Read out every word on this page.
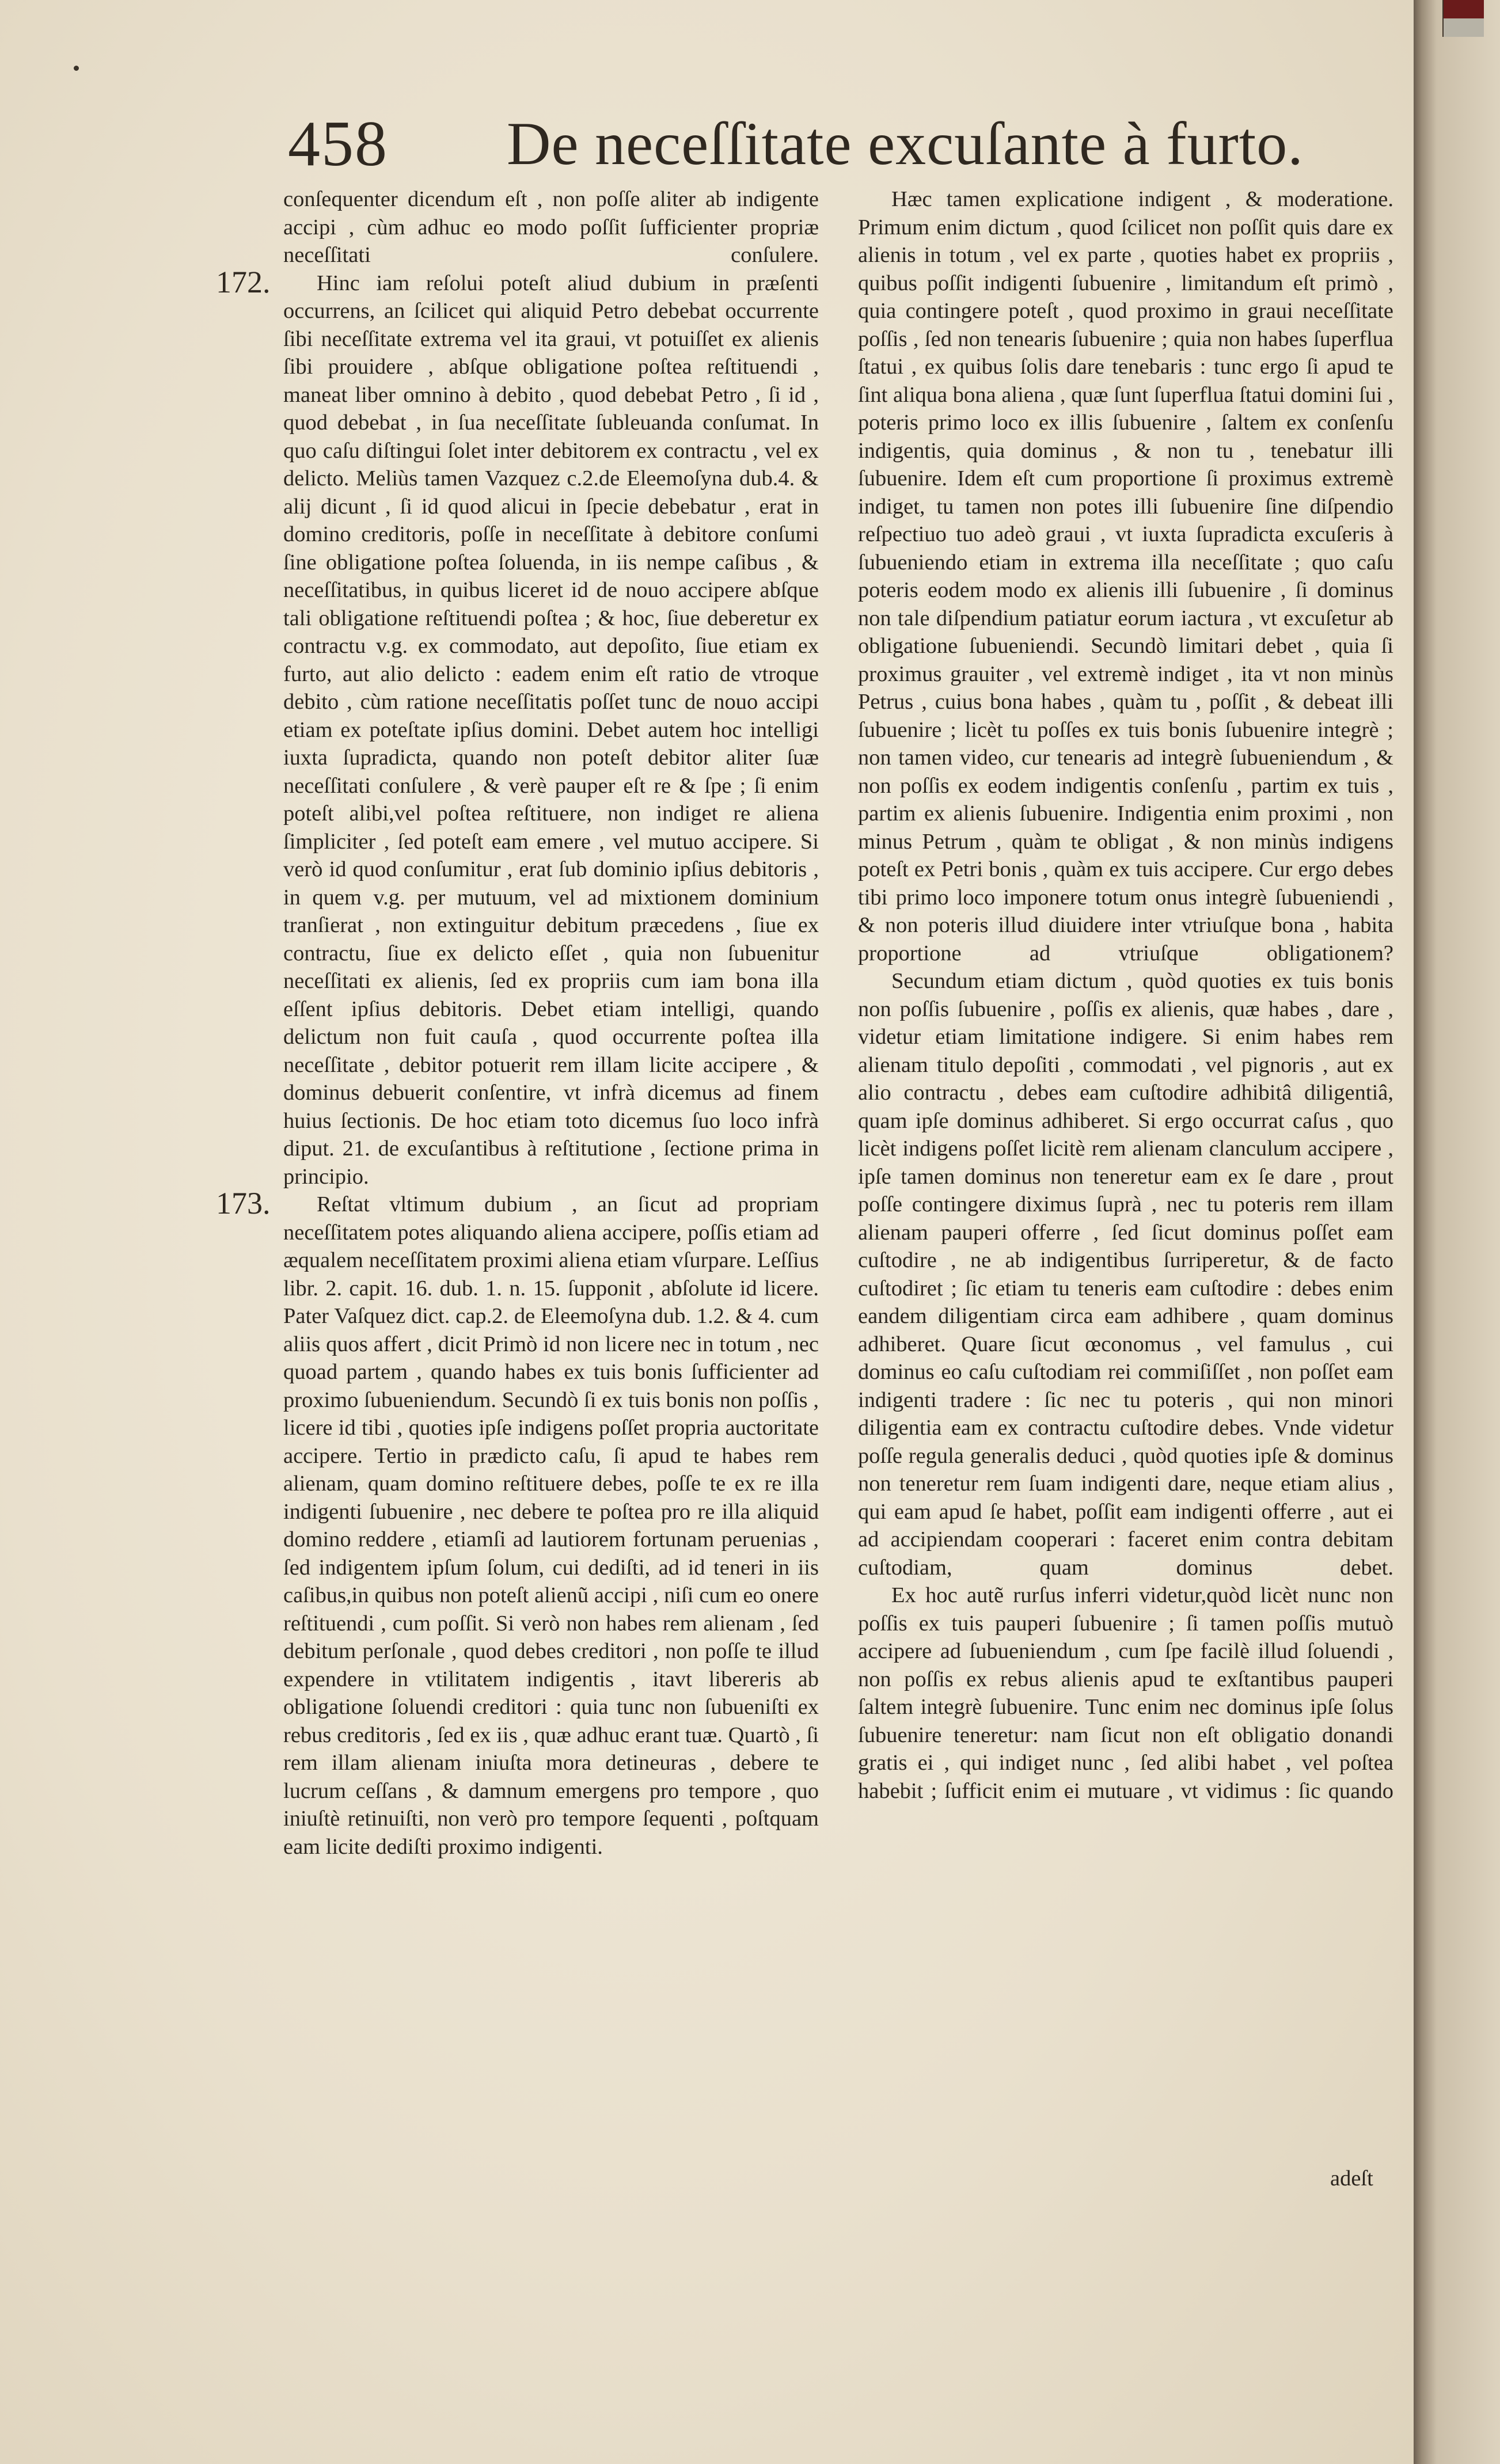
458 De neceſſitate excuſante à furto.

conſequenter dicendum eſt , non poſſe aliter ab indigente accipi , cùm adhuc eo modo poſſit ſufficienter propriæ neceſſitati conſulere.

172. Hinc iam reſolui poteſt aliud dubium in præſenti occurrens, an ſcilicet qui aliquid Petro debebat occurrente ſibi neceſſitate extrema vel ita graui, vt potuiſſet ex alienis ſibi prouidere , abſque obligatione poſtea reſtituendi , maneat liber omnino à debito , quod debebat Petro , ſi id , quod debebat , in ſua neceſſitate ſubleuanda conſumat. In quo caſu diſtingui ſolet inter debitorem ex contractu , vel ex delicto. Meliùs tamen Vazquez c.2.de Eleemoſyna dub.4. & alij dicunt , ſi id quod alicui in ſpecie debebatur , erat in domino creditoris, poſſe in neceſſitate à debitore conſumi ſine obligatione poſtea ſoluenda, in iis nempe caſibus , & neceſſitatibus, in quibus liceret id de nouo accipere abſque tali obligatione reſtituendi poſtea ; & hoc, ſiue deberetur ex contractu v.g. ex commodato, aut depoſito, ſiue etiam ex furto, aut alio delicto : eadem enim eſt ratio de vtroque debito , cùm ratione neceſſitatis poſſet tunc de nouo accipi etiam ex poteſtate ipſius domini. Debet autem hoc intelligi iuxta ſupradicta, quando non poteſt debitor aliter ſuæ neceſſitati conſulere , & verè pauper eſt re & ſpe ; ſi enim poteſt alibi,vel poſtea reſtituere, non indiget re aliena ſimpliciter , ſed poteſt eam emere , vel mutuo accipere. Si verò id quod conſumitur , erat ſub dominio ipſius debitoris , in quem v.g. per mutuum, vel ad mixtionem dominium tranſierat , non extinguitur debitum præcedens , ſiue ex contractu, ſiue ex delicto eſſet , quia non ſubuenitur neceſſitati ex alienis, ſed ex propriis cum iam bona illa eſſent ipſius debitoris. Debet etiam intelligi, quando delictum non fuit cauſa , quod occurrente poſtea illa neceſſitate , debitor potuerit rem illam licite accipere , & dominus debuerit conſentire, vt infrà dicemus ad finem huius ſectionis. De hoc etiam toto dicemus ſuo loco infrà diput. 21. de excuſantibus à reſtitutione , ſectione prima in principio.

173. Reſtat vltimum dubium , an ſicut ad propriam neceſſitatem potes aliquando aliena accipere, poſſis etiam ad æqualem neceſſitatem proximi aliena etiam vſurpare. Leſſius libr. 2. capit. 16. dub. 1. n. 15. ſupponit , abſolute id licere. Pater Vaſquez dict. cap.2. de Eleemoſyna dub. 1.2. & 4. cum aliis quos affert , dicit Primò id non licere nec in totum , nec quoad partem , quando habes ex tuis bonis ſufficienter ad proximo ſubueniendum. Secundò ſi ex tuis bonis non poſſis , licere id tibi , quoties ipſe indigens poſſet propria auctoritate accipere. Tertio in prædicto caſu, ſi apud te habes rem alienam, quam domino reſtituere debes, poſſe te ex re illa indigenti ſubuenire , nec debere te poſtea pro re illa aliquid domino reddere , etiamſi ad lautiorem fortunam peruenias , ſed indigentem ipſum ſolum, cui dediſti, ad id teneri in iis caſibus,in quibus non poteſt alienũ accipi , niſi cum eo onere reſtituendi , cum poſſit. Si verò non habes rem alienam , ſed debitum perſonale , quod debes creditori , non poſſe te illud expendere in vtilitatem indigentis , itavt libereris ab obligatione ſoluendi creditori : quia tunc non ſubueniſti ex rebus creditoris , ſed ex iis , quæ adhuc erant tuæ. Quartò , ſi rem illam alienam iniuſta mora detineuras , debere te lucrum ceſſans , & damnum emergens pro tempore , quo iniuſtè retinuiſti, non verò pro tempore ſequenti , poſtquam eam licite dediſti proximo indigenti.

Hæc tamen explicatione indigent , & moderatione. Primum enim dictum , quod ſcilicet non poſſit quis dare ex alienis in totum , vel ex parte , quoties habet ex propriis , quibus poſſit indigenti ſubuenire , limitandum eſt primò , quia contingere poteſt , quod proximo in graui neceſſitate poſſis , ſed non tenearis ſubuenire ; quia non habes ſuperflua ſtatui , ex quibus ſolis dare tenebaris : tunc ergo ſi apud te ſint aliqua bona aliena , quæ ſunt ſuperflua ſtatui domini ſui , poteris primo loco ex illis ſubuenire , ſaltem ex conſenſu indigentis, quia dominus , & non tu , tenebatur illi ſubuenire. Idem eſt cum proportione ſi proximus extremè indiget, tu tamen non potes illi ſubuenire ſine diſpendio reſpectiuo tuo adeò graui , vt iuxta ſupradicta excuſeris à ſubueniendo etiam in extrema illa neceſſitate ; quo caſu poteris eodem modo ex alienis illi ſubuenire , ſi dominus non tale diſpendium patiatur eorum iactura , vt excuſetur ab obligatione ſubueniendi. Secundò limitari debet , quia ſi proximus grauiter , vel extremè indiget , ita vt non minùs Petrus , cuius bona habes , quàm tu , poſſit , & debeat illi ſubuenire ; licèt tu poſſes ex tuis bonis ſubuenire integrè ; non tamen video, cur tenearis ad integrè ſubueniendum , & non poſſis ex eodem indigentis conſenſu , partim ex tuis , partim ex alienis ſubuenire. Indigentia enim proximi , non minus Petrum , quàm te obligat , & non minùs indigens poteſt ex Petri bonis , quàm ex tuis accipere. Cur ergo debes tibi primo loco imponere totum onus integrè ſubueniendi , & non poteris illud diuidere inter vtriuſque bona , habita proportione ad vtriuſque obligationem?

Secundum etiam dictum , quòd quoties ex tuis bonis non poſſis ſubuenire , poſſis ex alienis, quæ habes , dare , videtur etiam limitatione indigere. Si enim habes rem alienam titulo depoſiti , commodati , vel pignoris , aut ex alio contractu , debes eam cuſtodire adhibitâ diligentiâ, quam ipſe dominus adhiberet. Si ergo occurrat caſus , quo licèt indigens poſſet licitè rem alienam clanculum accipere , ipſe tamen dominus non teneretur eam ex ſe dare , prout poſſe contingere diximus ſuprà , nec tu poteris rem illam alienam pauperi offerre , ſed ſicut dominus poſſet eam cuſtodire , ne ab indigentibus ſurriperetur, & de facto cuſtodiret ; ſic etiam tu teneris eam cuſtodire : debes enim eandem diligentiam circa eam adhibere , quam dominus adhiberet. Quare ſicut œconomus , vel famulus , cui dominus eo caſu cuſtodiam rei commiſiſſet , non poſſet eam indigenti tradere : ſic nec tu poteris , qui non minori diligentia eam ex contractu cuſtodire debes. Vnde videtur poſſe regula generalis deduci , quòd quoties ipſe & dominus non teneretur rem ſuam indigenti dare, neque etiam alius , qui eam apud ſe habet, poſſit eam indigenti offerre , aut ei ad accipiendam cooperari : faceret enim contra debitam cuſtodiam, quam dominus debet.

Ex hoc autẽ rurſus inferri videtur,quòd licèt nunc non poſſis ex tuis pauperi ſubuenire ; ſi tamen poſſis mutuò accipere ad ſubueniendum , cum ſpe facilè illud ſoluendi , non poſſis ex rebus alienis apud te exſtantibus pauperi ſaltem integrè ſubuenire. Tunc enim nec dominus ipſe ſolus ſubuenire teneretur: nam ſicut non eſt obligatio donandi gratis ei , qui indiget nunc , ſed alibi habet , vel poſtea habebit ; ſufficit enim ei mutuare , vt vidimus : ſic quando

adeſt
